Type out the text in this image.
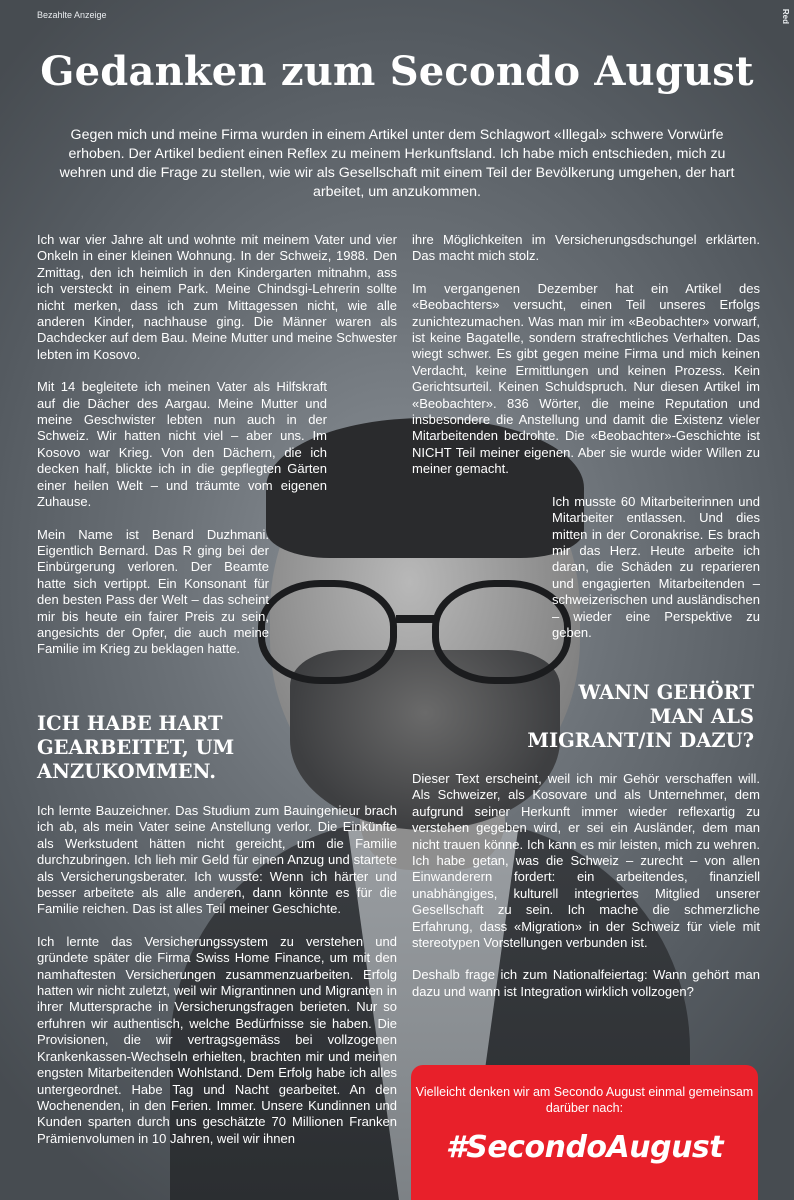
Bezahlte Anzeige	Red
Gedanken zum Secondo August

Gegen mich und meine Firma wurden in einem Artikel unter dem Schlagwort «Illegal» schwere Vorwürfe erhoben. Der Artikel bedient einen Reflex zu meinem Herkunftsland. Ich habe mich entschieden, mich zu wehren und die Frage zu stellen, wie wir als Gesellschaft mit einem Teil der Bevölkerung umgehen, der hart arbeitet, um anzukommen.

Ich war vier Jahre alt und wohnte mit meinem Vater und vier Onkeln in einer kleinen Wohnung. In der Schweiz, 1988. Den Zmittag, den ich heimlich in den Kindergarten mitnahm, ass ich versteckt in einem Park. Meine Chindsgi-Lehrerin sollte nicht merken, dass ich zum Mittagessen nicht, wie alle anderen Kinder, nachhause ging. Die Männer waren als Dachdecker auf dem Bau. Meine Mutter und meine Schwester lebten im Kosovo.

Mit 14 begleitete ich meinen Vater als Hilfskraft auf die Dächer des Aargau. Meine Mutter und meine Geschwister lebten nun auch in der Schweiz. Wir hatten nicht viel – aber uns. Im Kosovo war Krieg. Von den Dächern, die ich decken half, blickte ich in die gepflegten Gärten einer heilen Welt – und träumte vom eigenen Zuhause.

Mein Name ist Benard Duzhmani. Eigentlich Bernard. Das R ging bei der Einbürgerung verloren. Der Beamte hatte sich vertippt. Ein Konsonant für den besten Pass der Welt – das scheint mir bis heute ein fairer Preis zu sein, angesichts der Opfer, die auch meine Familie im Krieg zu beklagen hatte.

ICH HABE HART GEARBEITET, UM ANZUKOMMEN.

Ich lernte Bauzeichner. Das Studium zum Bauingenieur brach ich ab, als mein Vater seine Anstellung verlor. Die Einkünfte als Werkstudent hätten nicht gereicht, um die Familie durchzubringen. Ich lieh mir Geld für einen Anzug und startete als Versicherungsberater. Ich wusste: Wenn ich härter und besser arbeitete als alle anderen, dann könnte es für die Familie reichen. Das ist alles Teil meiner Geschichte.

Ich lernte das Versicherungssystem zu verstehen und gründete später die Firma Swiss Home Finance, um mit den namhaftesten Versicherungen zusammenzuarbeiten. Erfolg hatten wir nicht zuletzt, weil wir Migrantinnen und Migranten in ihrer Muttersprache in Versicherungsfragen berieten. Nur so erfuhren wir authentisch, welche Bedürfnisse sie haben. Die Provisionen, die wir vertragsgemäss bei vollzogenen Krankenkassen-Wechseln erhielten, brachten mir und meinen engsten Mitarbeitenden Wohlstand. Dem Erfolg habe ich alles untergeordnet. Habe Tag und Nacht gearbeitet. An den Wochenenden, in den Ferien. Immer. Unsere Kundinnen und Kunden sparten durch uns geschätzte 70 Millionen Franken Prämienvolumen in 10 Jahren, weil wir ihnen

ihre Möglichkeiten im Versicherungsdschungel erklärten. Das macht mich stolz.

Im vergangenen Dezember hat ein Artikel des «Beobachters» versucht, einen Teil unseres Erfolgs zunichtezumachen. Was man mir im «Beobachter» vorwarf, ist keine Bagatelle, sondern strafrechtliches Verhalten. Das wiegt schwer. Es gibt gegen meine Firma und mich keinen Verdacht, keine Ermittlungen und keinen Prozess. Kein Gerichtsurteil. Keinen Schuldspruch. Nur diesen Artikel im «Beobachter». 836 Wörter, die meine Reputation und insbesondere die Anstellung und damit die Existenz vieler Mitarbeitenden bedrohte. Die «Beobachter»-Geschichte ist NICHT Teil meiner eigenen. Aber sie wurde wider Willen zu meiner gemacht.

Ich musste 60 Mitarbeiterinnen und Mitarbeiter entlassen. Und dies mitten in der Coronakrise. Es brach mir das Herz. Heute arbeite ich daran, die Schäden zu reparieren und engagierten Mitarbeitenden – schweizerischen und ausländischen – wieder eine Perspektive zu geben.

WANN GEHÖRT MAN ALS MIGRANT/IN DAZU?

Dieser Text erscheint, weil ich mir Gehör verschaffen will. Als Schweizer, als Kosovare und als Unternehmer, dem aufgrund seiner Herkunft immer wieder reflexartig zu verstehen gegeben wird, er sei ein Ausländer, dem man nicht trauen könne. Ich kann es mir leisten, mich zu wehren. Ich habe getan, was die Schweiz – zurecht – von allen Einwanderern fordert: ein arbeitendes, finanziell unabhängiges, kulturell integriertes Mitglied unserer Gesellschaft zu sein. Ich mache die schmerzliche Erfahrung, dass «Migration» in der Schweiz für viele mit stereotypen Vorstellungen verbunden ist.

Deshalb frage ich zum Nationalfeiertag: Wann gehört man dazu und wann ist Integration wirklich vollzogen?

Vielleicht denken wir am Secondo August einmal gemeinsam darüber nach:
#SecondoAugust
